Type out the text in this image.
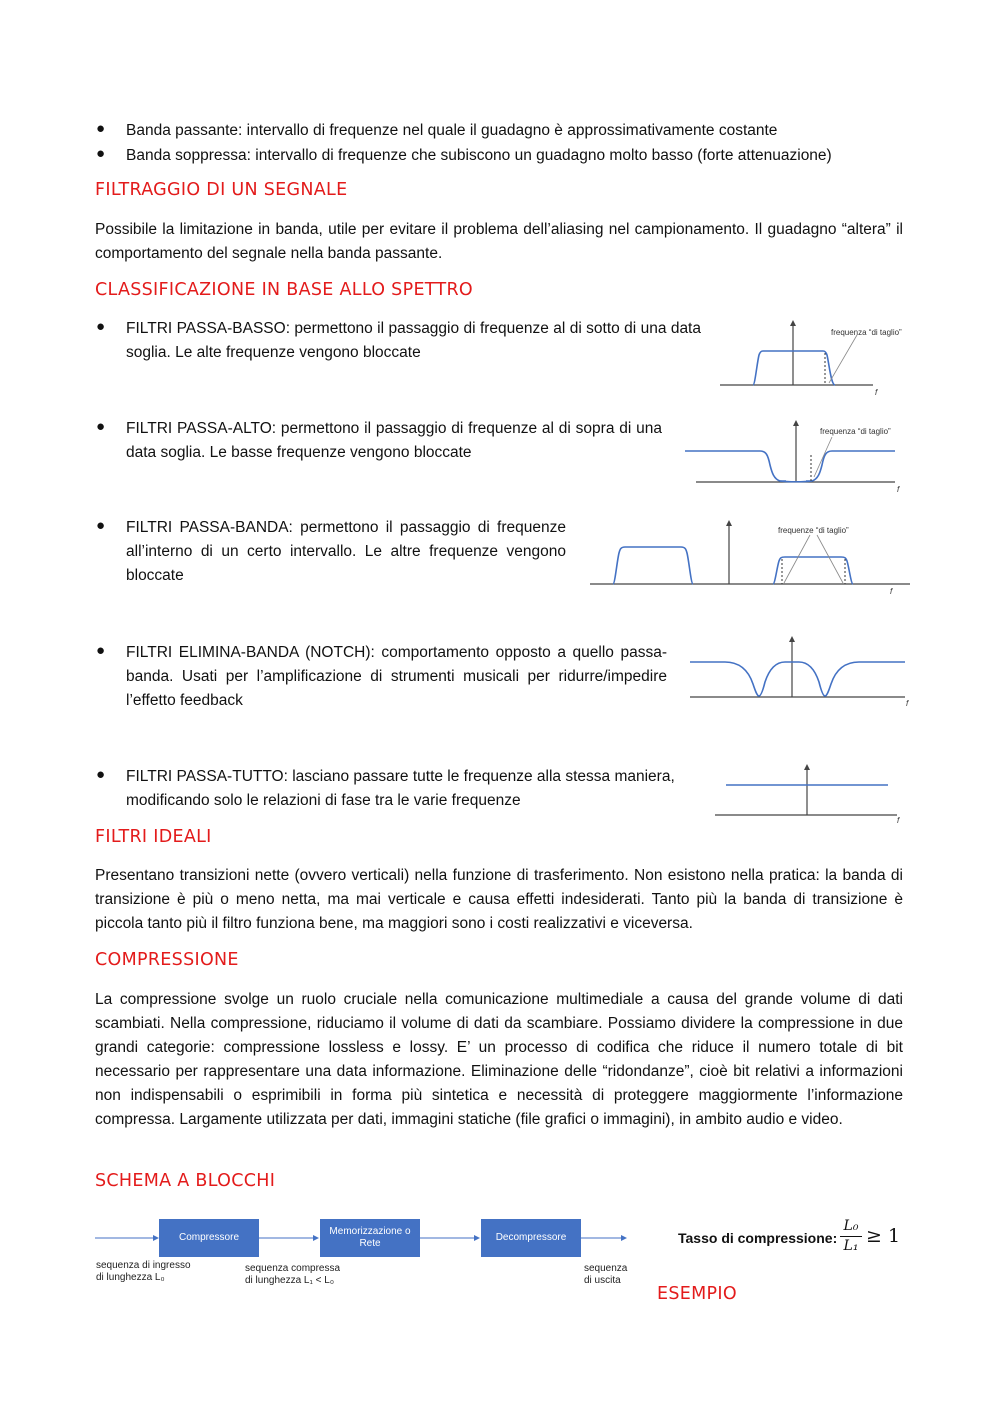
● Banda passante: intervallo di frequenze nel quale il guadagno è approssimativamente costante
● Banda soppressa: intervallo di frequenze che subiscono un guadagno molto basso (forte attenuazione)
FILTRAGGIO DI UN SEGNALE
Possibile la limitazione in banda, utile per evitare il problema dell’aliasing nel campionamento. Il guadagno “altera” il comportamento del segnale nella banda passante.
CLASSIFICAZIONE IN BASE ALLO SPETTRO
● FILTRI PASSA-BASSO: permettono il passaggio di frequenze al di sotto di una data soglia. Le alte frequenze vengono bloccate
frequenza “di taglio”
f
● FILTRI PASSA-ALTO: permettono il passaggio di frequenze al di sopra di una data soglia. Le basse frequenze vengono bloccate
frequenza “di taglio”
f
● FILTRI PASSA-BANDA: permettono il passaggio di frequenze all’interno di un certo intervallo. Le altre frequenze vengono bloccate
frequenze “di taglio”
f
● FILTRI ELIMINA-BANDA (NOTCH): comportamento opposto a quello passa-banda. Usati per l’amplificazione di strumenti musicali per ridurre/impedire l’effetto feedback	f
● FILTRI PASSA-TUTTO: lasciano passare tutte le frequenze alla stessa maniera, modificando solo le relazioni di fase tra le varie frequenze
f
FILTRI IDEALI
Presentano transizioni nette (ovvero verticali) nella funzione di trasferimento. Non esistono nella pratica: la banda di transizione è più o meno netta, ma mai verticale e causa effetti indesiderati. Tanto più la banda di transizione è piccola tanto più il filtro funziona bene, ma maggiori sono i costi realizzativi e viceversa.
COMPRESSIONE
La compressione svolge un ruolo cruciale nella comunicazione multimediale a causa del grande volume di dati scambiati. Nella compressione, riduciamo il volume di dati da scambiare. Possiamo dividere la compressione in due grandi categorie: compressione lossless e lossy. E’ un processo di codifica che riduce il numero totale di bit necessario per rappresentare una data informazione. Eliminazione delle “ridondanze”, cioè bit relativi a informazioni non indispensabili o esprimibili in forma più sintetica e necessità di proteggere maggiormente l’informazione compressa. Largamente utilizzata per dati, immagini statiche (file grafici o immagini), in ambito audio e video.
SCHEMA A BLOCCHI
Compressore
Memorizzazione o Rete
Decompressore
sequenza di ingresso
di lunghezza L₀
sequenza compressa
di lunghezza L₁ < L₀
sequenza
di uscita
Tasso di compressione:
L₀
L₁ ≥ 1
ESEMPIO
